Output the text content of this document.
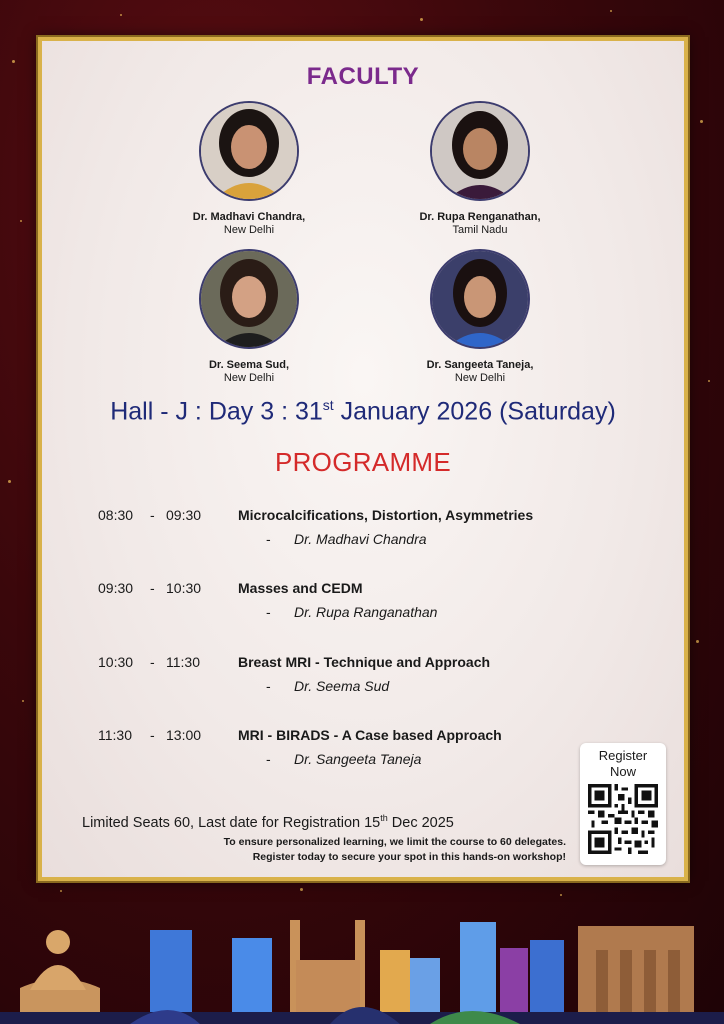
FACULTY
Dr. Madhavi Chandra,
New Delhi
Dr. Rupa Renganathan,
Tamil Nadu
Dr. Seema Sud,
New Delhi
Dr. Sangeeta Taneja,
New Delhi
Hall - J : Day 3 : 31st January 2026 (Saturday)
PROGRAMME
08:30 - 09:30	Microcalcifications, Distortion, Asymmetries
- Dr. Madhavi Chandra
09:30 - 10:30	Masses and CEDM
- Dr. Rupa Ranganathan
10:30 - 11:30	Breast MRI - Technique and Approach
- Dr. Seema Sud
11:30 - 13:00	MRI - BIRADS - A Case based Approach
- Dr. Sangeeta Taneja	Register
Now
Limited Seats 60, Last date for Registration 15th Dec 2025
To ensure personalized learning, we limit the course to 60 delegates.
Register today to secure your spot in this hands-on workshop!
